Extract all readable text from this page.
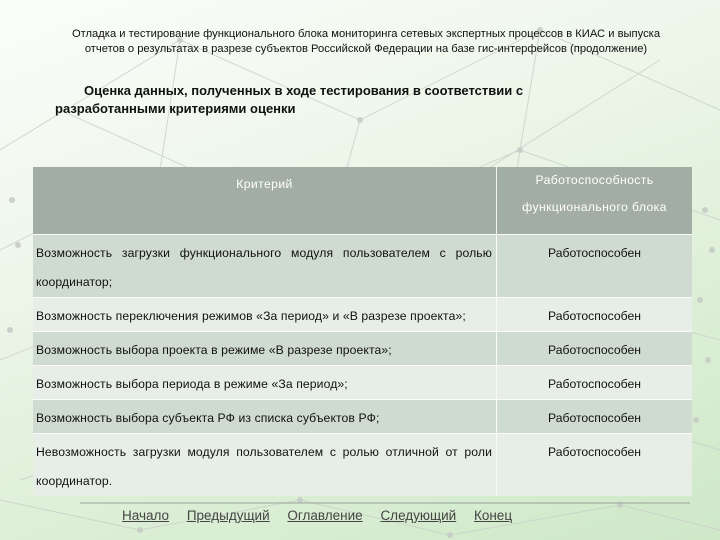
Отладка и тестирование функционального блока мониторинга сетевых экспертных процессов в КИАС и выпуска
отчетов о результатах в разрезе субъектов Российской Федерации на базе гис-интерфейсов (продолжение)
Оценка данных, полученных в ходе тестирования в соответствии с
разработанными критериями оценки
Критерий	Работоспособность
функционального блока

Возможность загрузки функционального модуля пользователем с ролью координатор;	Работоспособен
Возможность переключения режимов «За период» и «В разрезе проекта»;	Работоспособен
Возможность выбора проекта в режиме «В разрезе проекта»;	Работоспособен
Возможность выбора периода в режиме «За период»;	Работоспособен
Возможность выбора субъекта РФ из списка субъектов РФ;	Работоспособен
Невозможность загрузки модуля пользователем с ролью отличной от роли координатор.	Работоспособен
Начало Предыдущий Оглавление Следующий Конец
